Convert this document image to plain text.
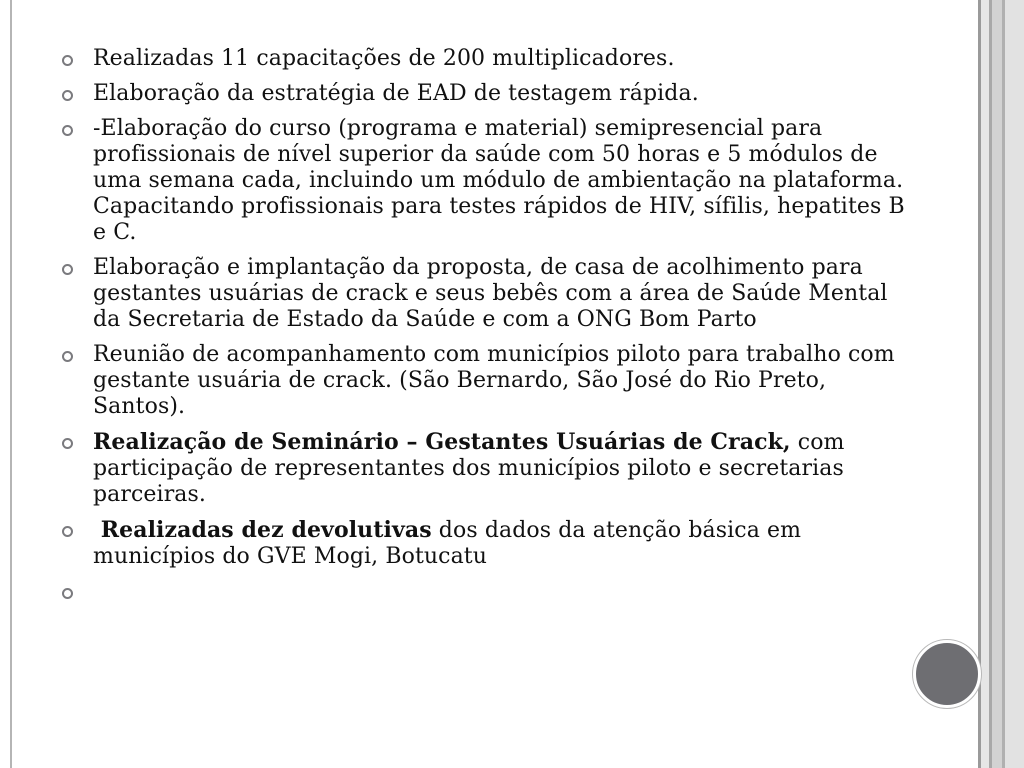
Realizadas 11 capacitações de 200 multiplicadores.
Elaboração da estratégia de EAD de testagem rápida.
-Elaboração do curso (programa e material) semipresencial para profissionais de nível superior da saúde com 50 horas e 5 módulos de uma semana cada, incluindo um módulo de ambientação na plataforma. Capacitando profissionais para testes rápidos de HIV, sífilis, hepatites B e C.
Elaboração e implantação da proposta, de casa de acolhimento para gestantes usuárias de crack e seus bebês com a área de Saúde Mental da Secretaria de Estado da Saúde e com a ONG Bom Parto
Reunião de acompanhamento com municípios piloto para trabalho com gestante usuária de crack. (São Bernardo, São José do Rio Preto, Santos).
Realização de Seminário – Gestantes Usuárias de Crack, com participação de representantes dos municípios piloto e secretarias parceiras.
Realizadas dez devolutivas dos dados da atenção básica em municípios do GVE Mogi, Botucatu
